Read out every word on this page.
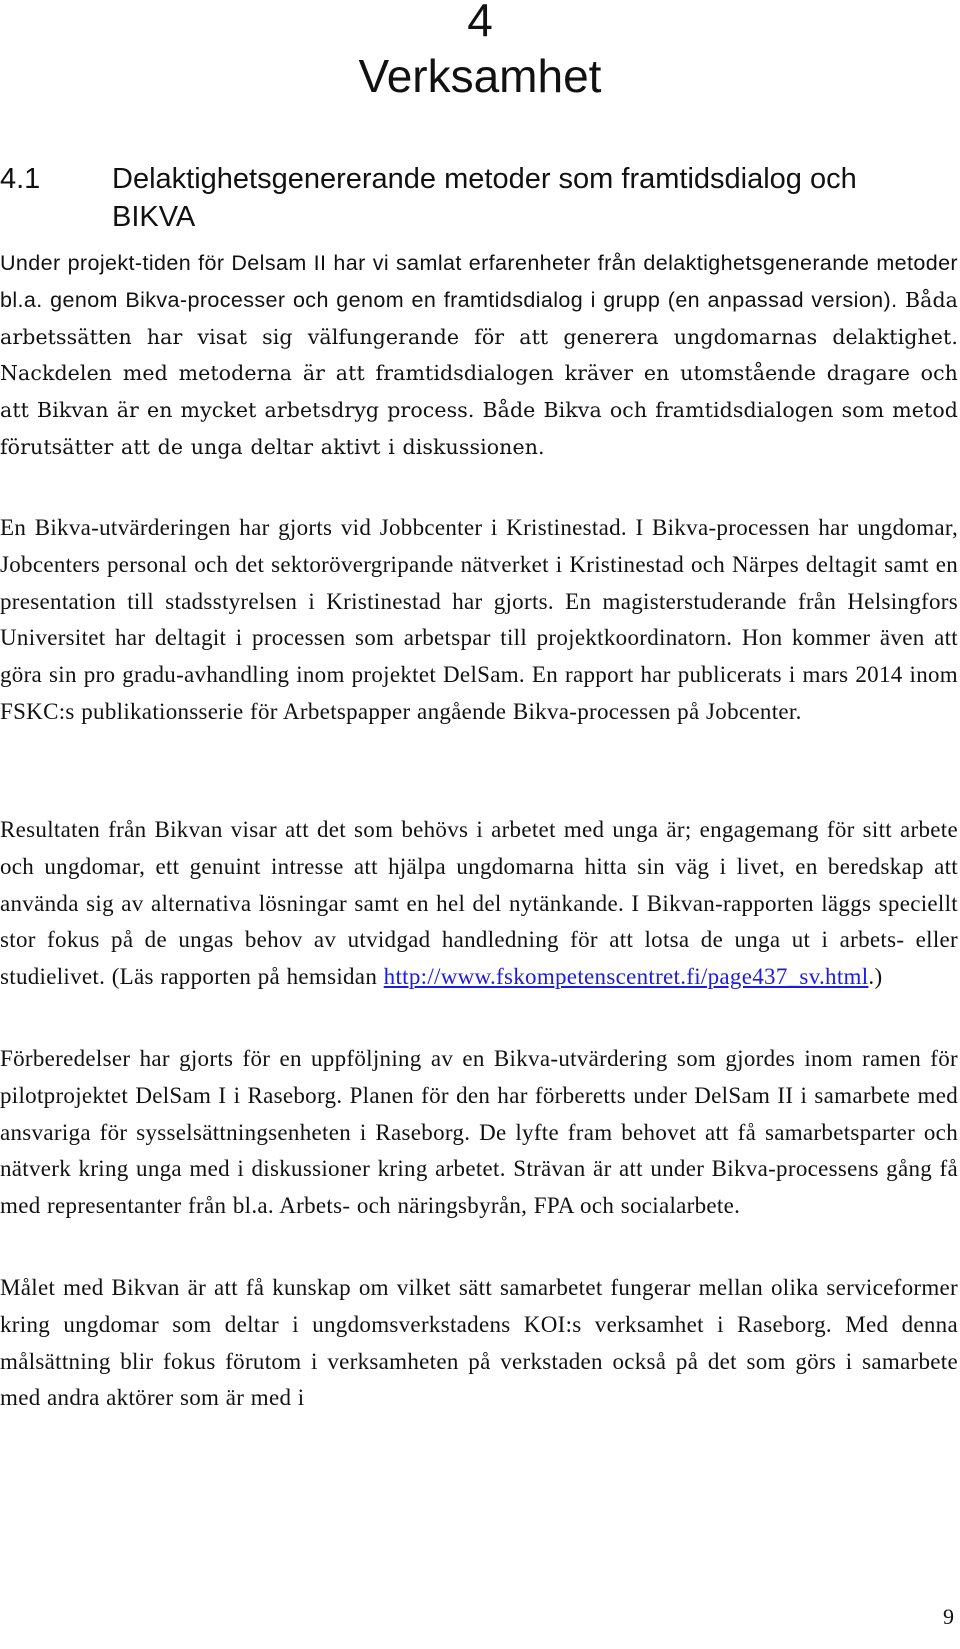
4
Verksamhet
4.1 Delaktighetsgenererande metoder som framtidsdialog och BIKVA

Under projekt-tiden för Delsam II har vi samlat erfarenheter från delaktighetsgenerande metoder bl.a. genom Bikva-processer och genom en framtidsdialog i grupp (en anpassad version). Båda arbetssätten har visat sig välfungerande för att generera ungdomarnas delaktighet. Nackdelen med metoderna är att framtidsdialogen kräver en utomstående dragare och att Bikvan är en mycket arbetsdryg process. Både Bikva och framtidsdialogen som metod förutsätter att de unga deltar aktivt i diskussionen.

En Bikva-utvärderingen har gjorts vid Jobbcenter i Kristinestad. I Bikva-processen har ungdomar, Jobcenters personal och det sektorövergripande nätverket i Kristinestad och Närpes deltagit samt en presentation till stadsstyrelsen i Kristinestad har gjorts. En magisterstuderande från Helsingfors Universitet har deltagit i processen som arbetspar till projektkoordinatorn. Hon kommer även att göra sin pro gradu-avhandling inom projektet DelSam. En rapport har publicerats i mars 2014 inom FSKC:s publikationsserie för Arbetspapper angående Bikva-processen på Jobcenter.

Resultaten från Bikvan visar att det som behövs i arbetet med unga är; engagemang för sitt arbete och ungdomar, ett genuint intresse att hjälpa ungdomarna hitta sin väg i livet, en beredskap att använda sig av alternativa lösningar samt en hel del nytänkande. I Bikvan-rapporten läggs speciellt stor fokus på de ungas behov av utvidgad handledning för att lotsa de unga ut i arbets- eller studielivet. (Läs rapporten på hemsidan http://www.fskompetenscentret.fi/page437_sv.html.)

Förberedelser har gjorts för en uppföljning av en Bikva-utvärdering som gjordes inom ramen för pilotprojektet DelSam I i Raseborg. Planen för den har förberetts under DelSam II i samarbete med ansvariga för sysselsättningsenheten i Raseborg. De lyfte fram behovet att få samarbetsparter och nätverk kring unga med i diskussioner kring arbetet. Strävan är att under Bikva-processens gång få med representanter från bl.a. Arbets- och näringsbyrån, FPA och socialarbete.

Målet med Bikvan är att få kunskap om vilket sätt samarbetet fungerar mellan olika serviceformer kring ungdomar som deltar i ungdomsverkstadens KOI:s verksamhet i Raseborg. Med denna målsättning blir fokus förutom i verksamheten på verkstaden också på det som görs i samarbete med andra aktörer som är med i

9
